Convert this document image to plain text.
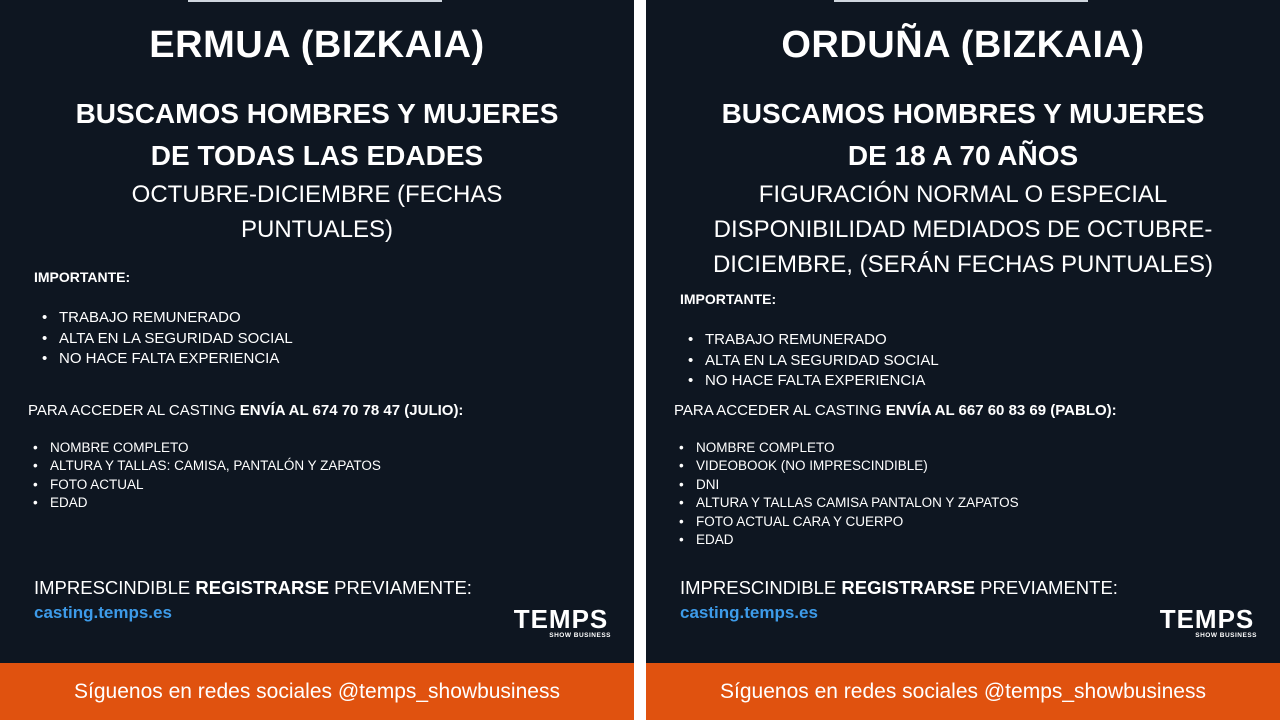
ERMUA (BIZKAIA)

BUSCAMOS HOMBRES Y MUJERES

DE TODAS LAS EDADES

OCTUBRE-DICIEMBRE (FECHAS

PUNTUALES)

IMPORTANTE:

• TRABAJO REMUNERADO
• ALTA EN LA SEGURIDAD SOCIAL
• NO HACE FALTA EXPERIENCIA

PARA ACCEDER AL CASTING ENVÍA AL 674 70 78 47 (JULIO):

• NOMBRE COMPLETO
• ALTURA Y TALLAS: CAMISA, PANTALÓN Y ZAPATOS
• FOTO ACTUAL
• EDAD

IMPRESCINDIBLE REGISTRARSE PREVIAMENTE:

casting.temps.es	TEMPS
SHOW BUSINESS
Síguenos en redes sociales @temps_showbusiness
ORDUÑA (BIZKAIA)

BUSCAMOS HOMBRES Y MUJERES

DE 18 A 70 AÑOS

FIGURACIÓN NORMAL O ESPECIAL

DISPONIBILIDAD MEDIADOS DE OCTUBRE-

DICIEMBRE, (SERÁN FECHAS PUNTUALES)

IMPORTANTE:

• TRABAJO REMUNERADO
• ALTA EN LA SEGURIDAD SOCIAL
• NO HACE FALTA EXPERIENCIA

PARA ACCEDER AL CASTING ENVÍA AL 667 60 83 69 (PABLO):

• NOMBRE COMPLETO
• VIDEOBOOK (NO IMPRESCINDIBLE)
• DNI
• ALTURA Y TALLAS CAMISA PANTALON Y ZAPATOS
• FOTO ACTUAL CARA Y CUERPO
• EDAD

IMPRESCINDIBLE REGISTRARSE PREVIAMENTE:

casting.temps.es	TEMPS
SHOW BUSINESS
Síguenos en redes sociales @temps_showbusiness
